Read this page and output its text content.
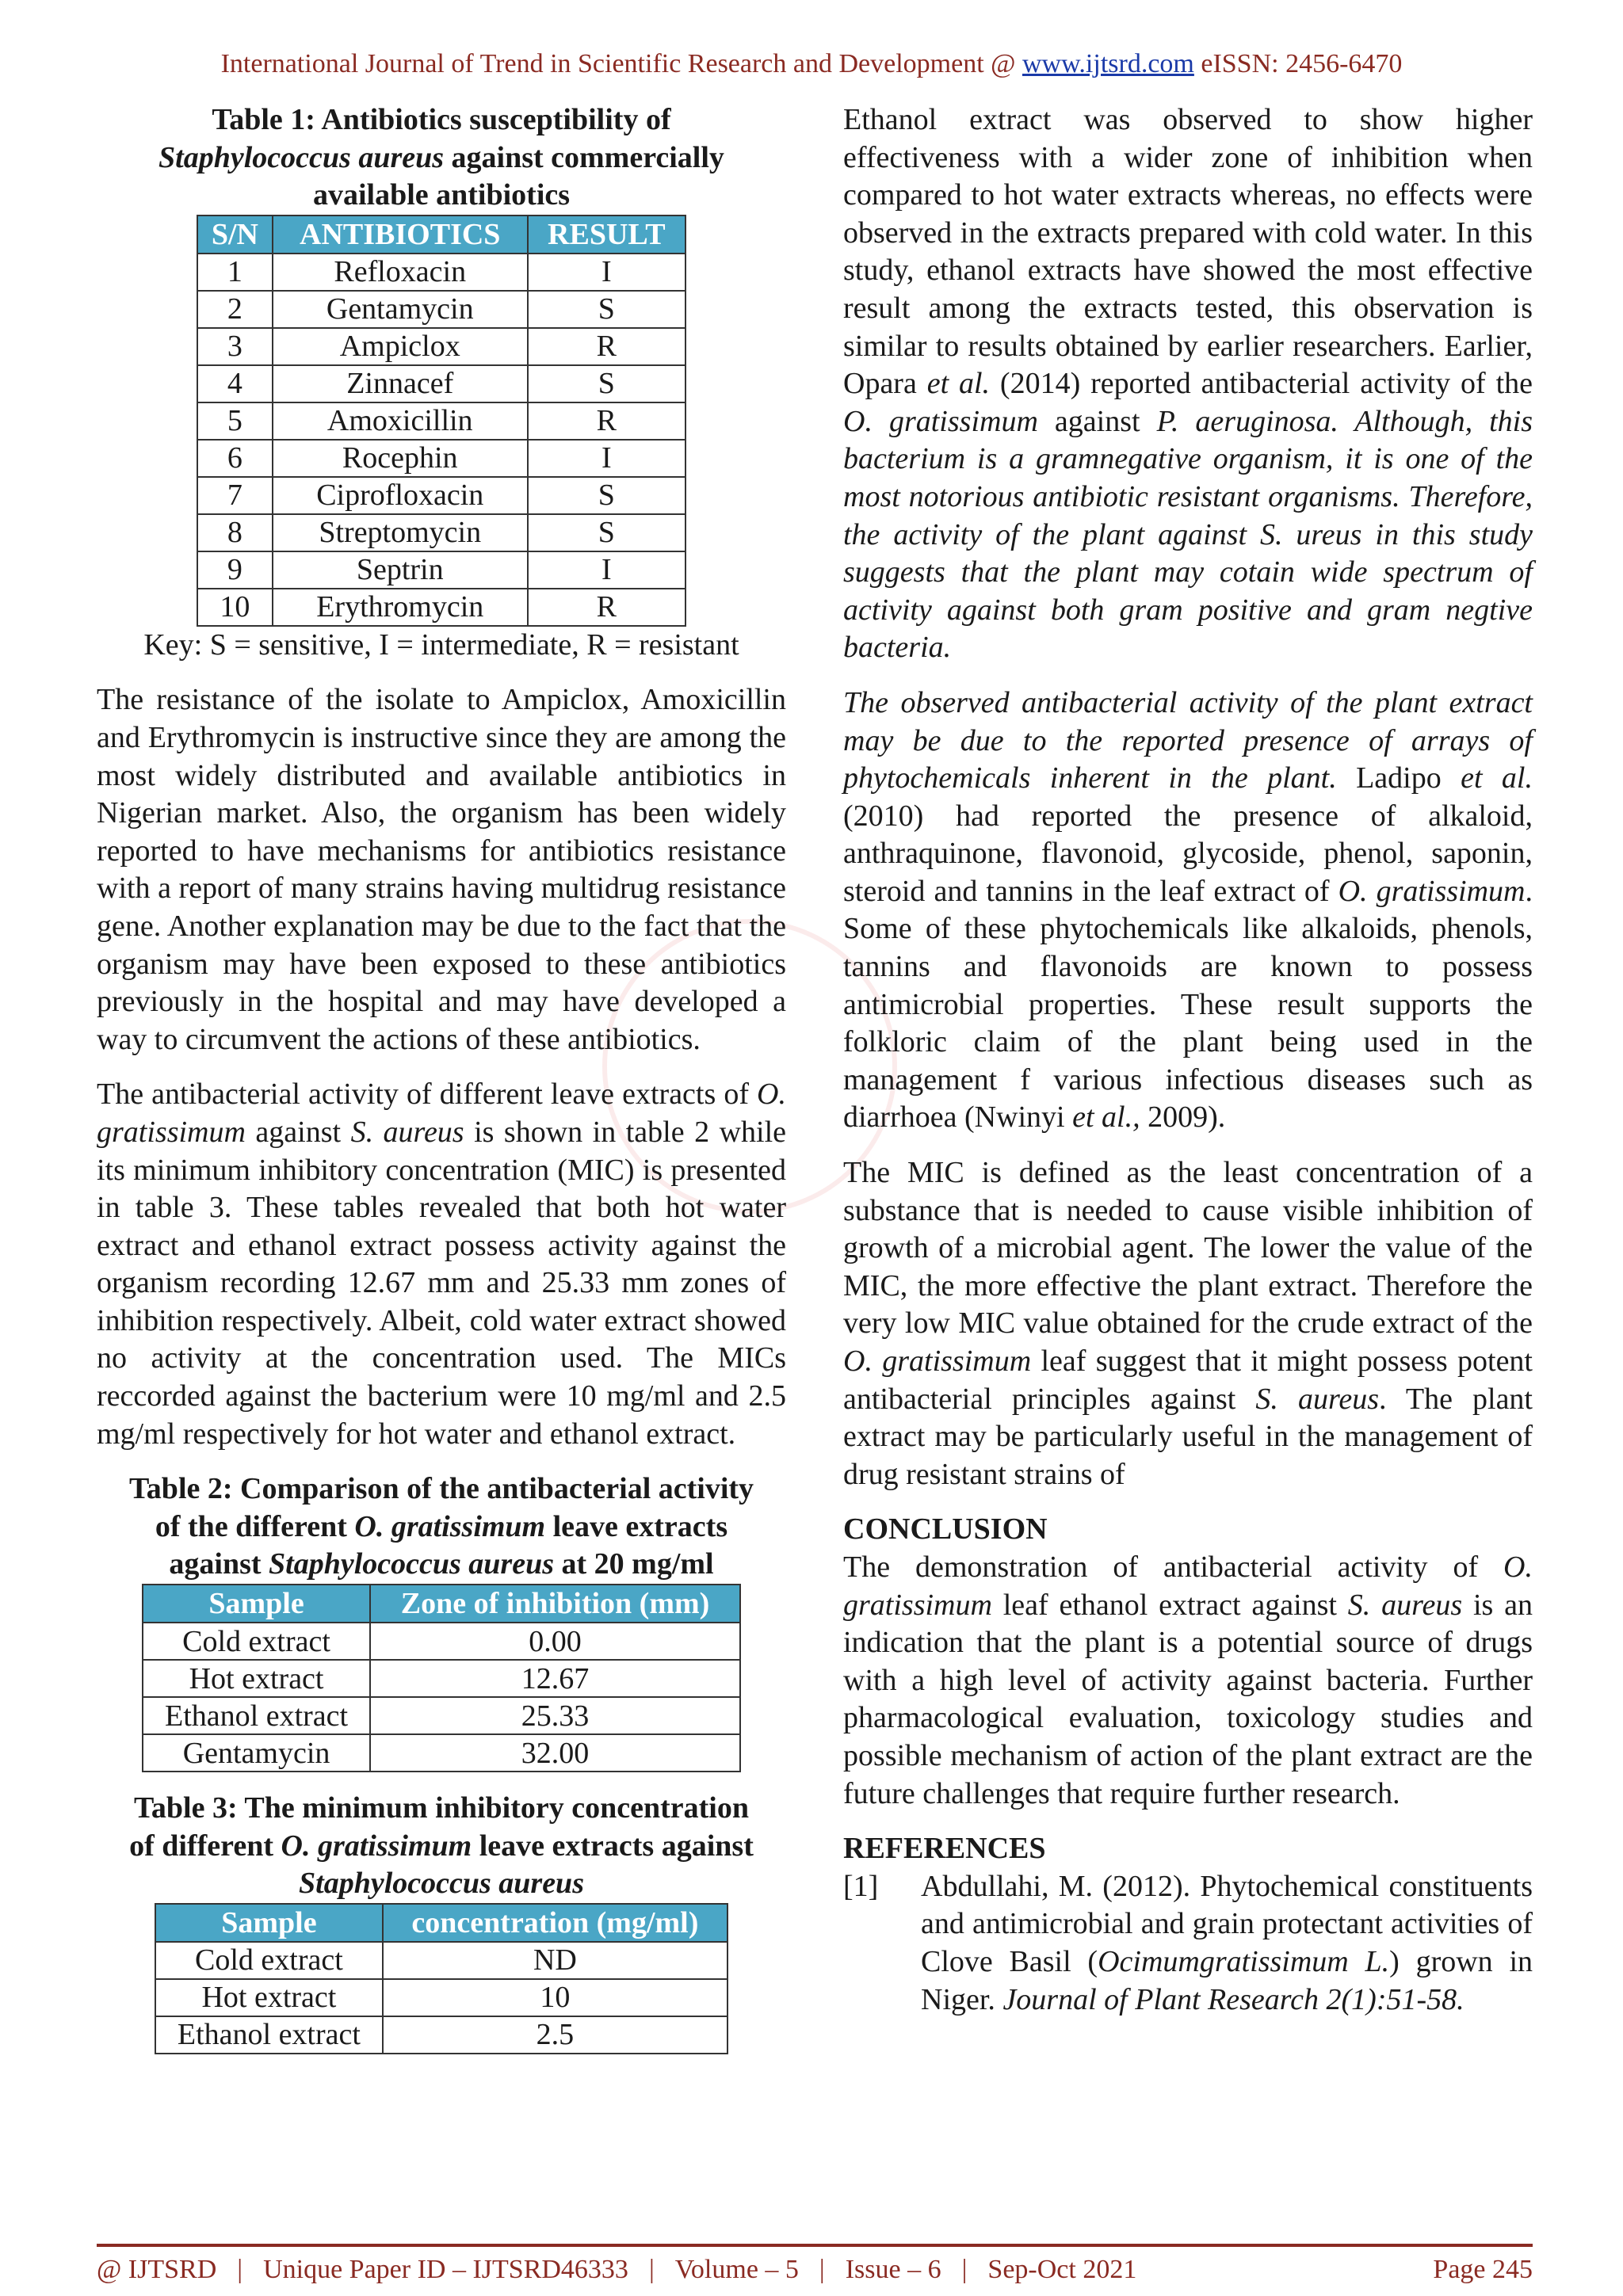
International Journal of Trend in Scientific Research and Development @ www.ijtsrd.com eISSN: 2456-6470

Table 1: Antibiotics susceptibility of
Staphylococcus aureus against commercially
available antibiotics

S/N	ANTIBIOTICS	RESULT
1	Refloxacin	I
2	Gentamycin	S
3	Ampiclox	R
4	Zinnacef	S
5	Amoxicillin	R
6	Rocephin	I
7	Ciprofloxacin	S
8	Streptomycin	S
9	Septrin	I
10	Erythromycin	R

Key: S = sensitive, I = intermediate, R = resistant

The resistance of the isolate to Ampiclox, Amoxicillin and Erythromycin is instructive since they are among the most widely distributed and available antibiotics in Nigerian market. Also, the organism has been widely reported to have mechanisms for antibiotics resistance with a report of many strains having multidrug resistance gene. Another explanation may be due to the fact that the organism may have been exposed to these antibiotics previously in the hospital and may have developed a way to circumvent the actions of these antibiotics.

The antibacterial activity of different leave extracts of O. gratissimum against S. aureus is shown in table 2 while its minimum inhibitory concentration (MIC) is presented in table 3. These tables revealed that both hot water extract and ethanol extract possess activity against the organism recording 12.67 mm and 25.33 mm zones of inhibition respectively. Albeit, cold water extract showed no activity at the concentration used. The MICs reccorded against the bacterium were 10 mg/ml and 2.5 mg/ml respectively for hot water and ethanol extract.

Table 2: Comparison of the antibacterial activity
of the different O. gratissimum leave extracts
against Staphylococcus aureus at 20 mg/ml

Sample	Zone of inhibition (mm)
Cold extract	0.00
Hot extract	12.67
Ethanol extract	25.33
Gentamycin	32.00

Table 3: The minimum inhibitory concentration
of different O. gratissimum leave extracts against
Staphylococcus aureus

Sample	concentration (mg/ml)
Cold extract	ND
Hot extract	10
Ethanol extract	2.5

Ethanol extract was observed to show higher effectiveness with a wider zone of inhibition when compared to hot water extracts whereas, no effects were observed in the extracts prepared with cold water. In this study, ethanol extracts have showed the most effective result among the extracts tested, this observation is similar to results obtained by earlier researchers. Earlier, Opara et al. (2014) reported antibacterial activity of the O. gratissimum against P. aeruginosa. Although, this bacterium is a gramnegative organism, it is one of the most notorious antibiotic resistant organisms. Therefore, the activity of the plant against S. ureus in this study suggests that the plant may cotain wide spectrum of activity against both gram positive and gram negtive bacteria.

The observed antibacterial activity of the plant extract may be due to the reported presence of arrays of phytochemicals inherent in the plant. Ladipo et al. (2010) had reported the presence of alkaloid, anthraquinone, flavonoid, glycoside, phenol, saponin, steroid and tannins in the leaf extract of O. gratissimum. Some of these phytochemicals like alkaloids, phenols, tannins and flavonoids are known to possess antimicrobial properties. These result supports the folkloric claim of the plant being used in the management f various infectious diseases such as diarrhoea (Nwinyi et al., 2009).

The MIC is defined as the least concentration of a substance that is needed to cause visible inhibition of growth of a microbial agent. The lower the value of the MIC, the more effective the plant extract. Therefore the very low MIC value obtained for the crude extract of the O. gratissimum leaf suggest that it might possess potent antibacterial principles against S. aureus. The plant extract may be particularly useful in the management of drug resistant strains of

CONCLUSION

The demonstration of antibacterial activity of O. gratissimum leaf ethanol extract against S. aureus is an indication that the plant is a potential source of drugs with a high level of activity against bacteria. Further pharmacological evaluation, toxicology studies and possible mechanism of action of the plant extract are the future challenges that require further research.

REFERENCES

[1]	Abdullahi, M. (2012). Phytochemical constituents and antimicrobial and grain protectant activities of Clove Basil (Ocimumgratissimum L.) grown in Niger. Journal of Plant Research 2(1):51-58.
@ IJTSRD | Unique Paper ID – IJTSRD46333 | Volume – 5 | Issue – 6 | Sep-Oct 2021	Page 245
